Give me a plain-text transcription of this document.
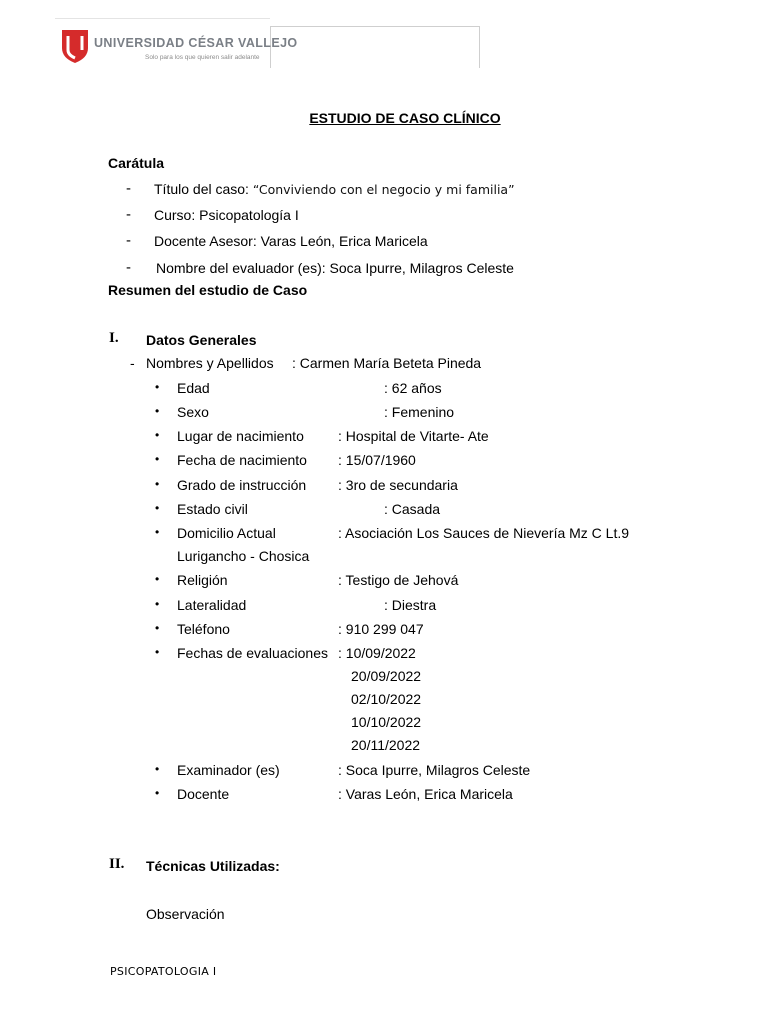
UNIVERSIDAD CÉSAR VALLEJO
Solo para los que quieren salir adelante
ESTUDIO DE CASO CLÍNICO
Carátula
- Título del caso: “Conviviendo con el negocio y mi familia”
- Curso: Psicopatología I
- Docente Asesor: Varas León, Erica Maricela
- Nombre del evaluador (es): Soca Ipurre, Milagros Celeste
Resumen del estudio de Caso
I. Datos Generales
- Nombres y Apellidos : Carmen María Beteta Pineda
• Edad	: 62 años
• Sexo	: Femenino
• Lugar de nacimiento : Hospital de Vitarte- Ate
• Fecha de nacimiento : 15/07/1960
• Grado de instrucción : 3ro de secundaria
• Estado civil	: Casada
• Domicilio Actual	: Asociación Los Sauces de Nievería Mz C Lt.9
Lurigancho - Chosica
• Religión	: Testigo de Jehová
• Lateralidad	: Diestra
• Teléfono	: 910 299 047
• Fechas de evaluaciones : 10/09/2022
20/09/2022
02/10/2022
10/10/2022
20/11/2022
• Examinador (es)	: Soca Ipurre, Milagros Celeste
• Docente	: Varas León, Erica Maricela
II. Técnicas Utilizadas:
Observación
PSICOPATOLOGIA I
